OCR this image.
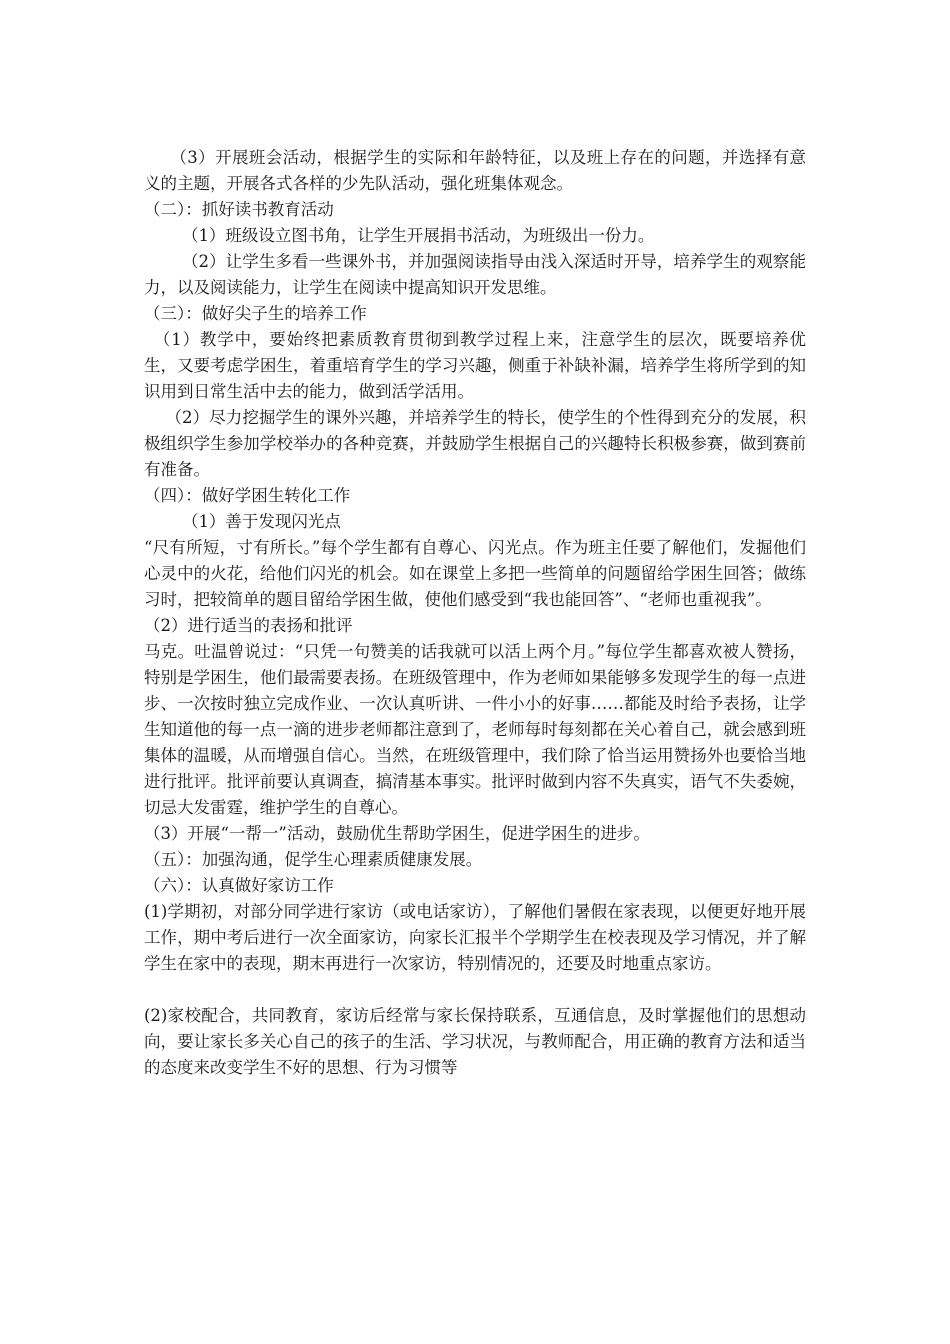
（3）开展班会活动，根据学生的实际和年龄特征，以及班上存在的问题，并选择有意义的主题，开展各式各样的少先队活动，强化班集体观念。

（二）：抓好读书教育活动

（1）班级设立图书角，让学生开展捐书活动，为班级出一份力。

（2）让学生多看一些课外书，并加强阅读指导由浅入深适时开导，培养学生的观察能力，以及阅读能力，让学生在阅读中提高知识开发思维。

（三）：做好尖子生的培养工作

（1）教学中，要始终把素质教育贯彻到教学过程上来，注意学生的层次，既要培养优生，又要考虑学困生，着重培育学生的学习兴趣，侧重于补缺补漏，培养学生将所学到的知识用到日常生活中去的能力，做到活学活用。

（2）尽力挖掘学生的课外兴趣，并培养学生的特长，使学生的个性得到充分的发展，积极组织学生参加学校举办的各种竞赛，并鼓励学生根据自己的兴趣特长积极参赛，做到赛前有准备。

（四）：做好学困生转化工作

（1）善于发现闪光点

“尺有所短，寸有所长。”每个学生都有自尊心、闪光点。作为班主任要了解他们，发掘他们心灵中的火花，给他们闪光的机会。如在课堂上多把一些简单的问题留给学困生回答；做练习时，把较简单的题目留给学困生做，使他们感受到“我也能回答”、“老师也重视我”。

（2）进行适当的表扬和批评

马克。吐温曾说过：“只凭一句赞美的话我就可以活上两个月。”每位学生都喜欢被人赞扬，特别是学困生，他们最需要表扬。在班级管理中，作为老师如果能够多发现学生的每一点进步、一次按时独立完成作业、一次认真听讲、一件小小的好事……都能及时给予表扬，让学生知道他的每一点一滴的进步老师都注意到了，老师每时每刻都在关心着自己，就会感到班集体的温暖，从而增强自信心。当然，在班级管理中，我们除了恰当运用赞扬外也要恰当地进行批评。批评前要认真调查，搞清基本事实。批评时做到内容不失真实，语气不失委婉，切忌大发雷霆，维护学生的自尊心。

（3）开展“一帮一”活动，鼓励优生帮助学困生，促进学困生的进步。

（五）：加强沟通，促学生心理素质健康发展。

（六）：认真做好家访工作

(1)学期初，对部分同学进行家访（或电话家访），了解他们暑假在家表现，以便更好地开展工作，期中考后进行一次全面家访，向家长汇报半个学期学生在校表现及学习情况，并了解学生在家中的表现，期末再进行一次家访，特别情况的，还要及时地重点家访。

(2)家校配合，共同教育，家访后经常与家长保持联系，互通信息，及时掌握他们的思想动向，要让家长多关心自己的孩子的生活、学习状况，与教师配合，用正确的教育方法和适当的态度来改变学生不好的思想、行为习惯等
